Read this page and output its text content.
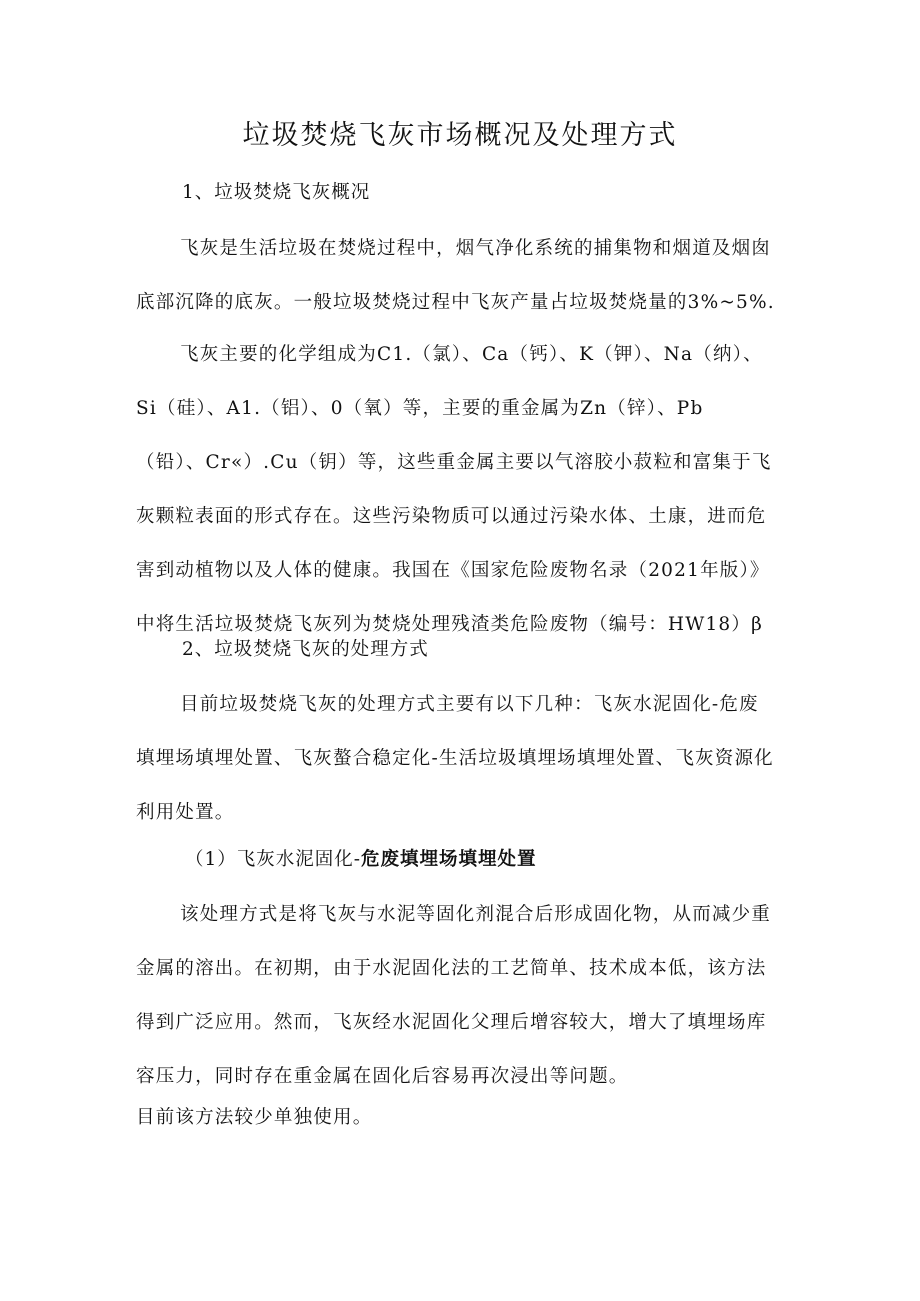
垃圾焚烧飞灰市场概况及处理方式
1、垃圾焚烧飞灰概况
飞灰是生活垃圾在焚烧过程中，烟气净化系统的捕集物和烟道及烟囱
底部沉降的底灰。一般垃圾焚烧过程中飞灰产量占垃圾焚烧量的3%~5%.
飞灰主要的化学组成为C1.（氯）、Ca（钙）、K（钾）、Na（纳）、
Si（硅）、A1.（铝）、0（氧）等，主要的重金属为Zn（锌）、Pb
（铅）、Cr«）.Cu（钥）等，这些重金属主要以气溶胶小菽粒和富集于飞
灰颗粒表面的形式存在。这些污染物质可以通过污染水体、土康，进而危
害到动植物以及人体的健康。我国在《国家危险废物名录（2021年版）》
中将生活垃圾焚烧飞灰列为焚烧处理残渣类危险废物（编号：HW18）β
2、垃圾焚烧飞灰的处理方式
目前垃圾焚烧飞灰的处理方式主要有以下几种：飞灰水泥固化-危废
填埋场填埋处置、飞灰螯合稳定化-生活垃圾填埋场填埋处置、飞灰资源化
利用处置。
（1）飞灰水泥固化-危废填埋场填埋处置
该处理方式是将飞灰与水泥等固化剂混合后形成固化物，从而减少重
金属的溶出。在初期，由于水泥固化法的工艺简单、技术成本低，该方法
得到广泛应用。然而，飞灰经水泥固化父理后增容较大，增大了填埋场库
容压力，同时存在重金属在固化后容易再次浸出等问题。
目前该方法较少单独使用。
